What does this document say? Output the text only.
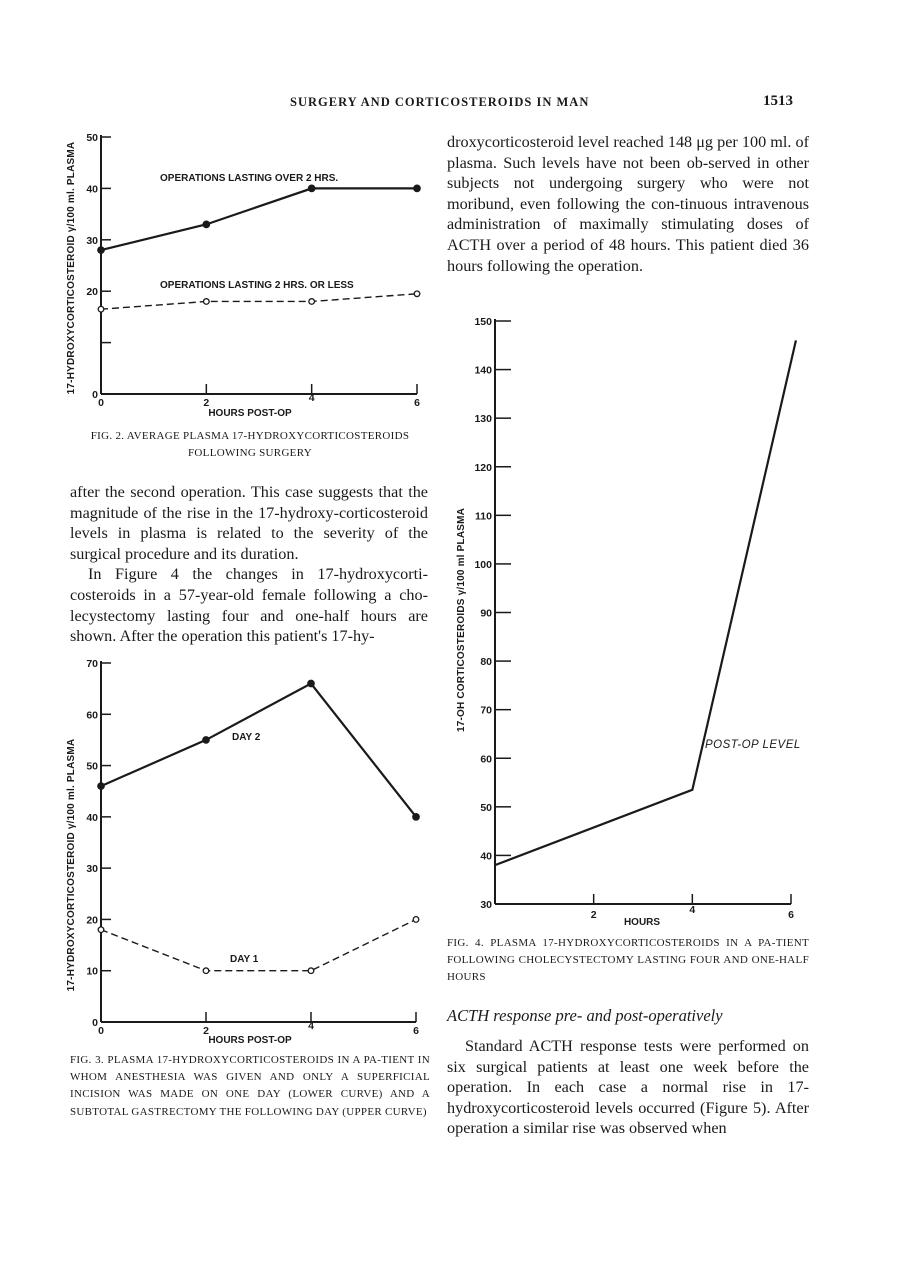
SURGERY AND CORTICOSTEROIDS IN MAN	1513
0
20
30
40
50
0	2	4	6
HOURS POST-OP
17-HYDROXYCORTICOSTEROID γ/100 ml. PLASMA	OPERATIONS LASTING OVER 2 HRS.
OPERATIONS LASTING 2 HRS. OR LESS
FIG. 2. AVERAGE PLASMA 17-HYDROXYCORTICOSTEROIDS FOLLOWING SURGERY

after the second operation. This case suggests that the magnitude of the rise in the 17-hydroxy-corticosteroid levels in plasma is related to the severity of the surgical procedure and its duration.

In Figure 4 the changes in 17-hydroxycorti-costeroids in a 57-year-old female following a cho-lecystectomy lasting four and one-half hours are shown. After the operation this patient's 17-hy-

0
10
20
30
40
50
60
70
0	2	4	6
HOURS POST-OP
17-HYDROXYCORTICOSTEROID γ/100 ml. PLASMA
DAY 2
DAY 1
FIG. 3. PLASMA 17-HYDROXYCORTICOSTEROIDS IN A PA-TIENT IN WHOM ANESTHESIA WAS GIVEN AND ONLY A SUPERFICIAL INCISION WAS MADE ON ONE DAY (LOWER CURVE) AND A SUBTOTAL GASTRECTOMY THE FOLLOWING DAY (UPPER CURVE)

droxycorticosteroid level reached 148 μg per 100 ml. of plasma. Such levels have not been ob-served in other subjects not undergoing surgery who were not moribund, even following the con-tinuous intravenous administration of maximally stimulating doses of ACTH over a period of 48 hours. This patient died 36 hours following the operation.

30
40
50
60
70
80
90
100
110
120
130
140
150
2	4	6
HOURS
17-OH CORTICOSTEROIDS γ/100 ml PLASMA
POST-OP LEVEL
FIG. 4. PLASMA 17-HYDROXYCORTICOSTEROIDS IN A PA-TIENT FOLLOWING CHOLECYSTECTOMY LASTING FOUR AND ONE-HALF HOURS
ACTH response pre- and post-operatively

Standard ACTH response tests were performed on six surgical patients at least one week before the operation. In each case a normal rise in 17-hydroxycorticosteroid levels occurred (Figure 5). After operation a similar rise was observed when
